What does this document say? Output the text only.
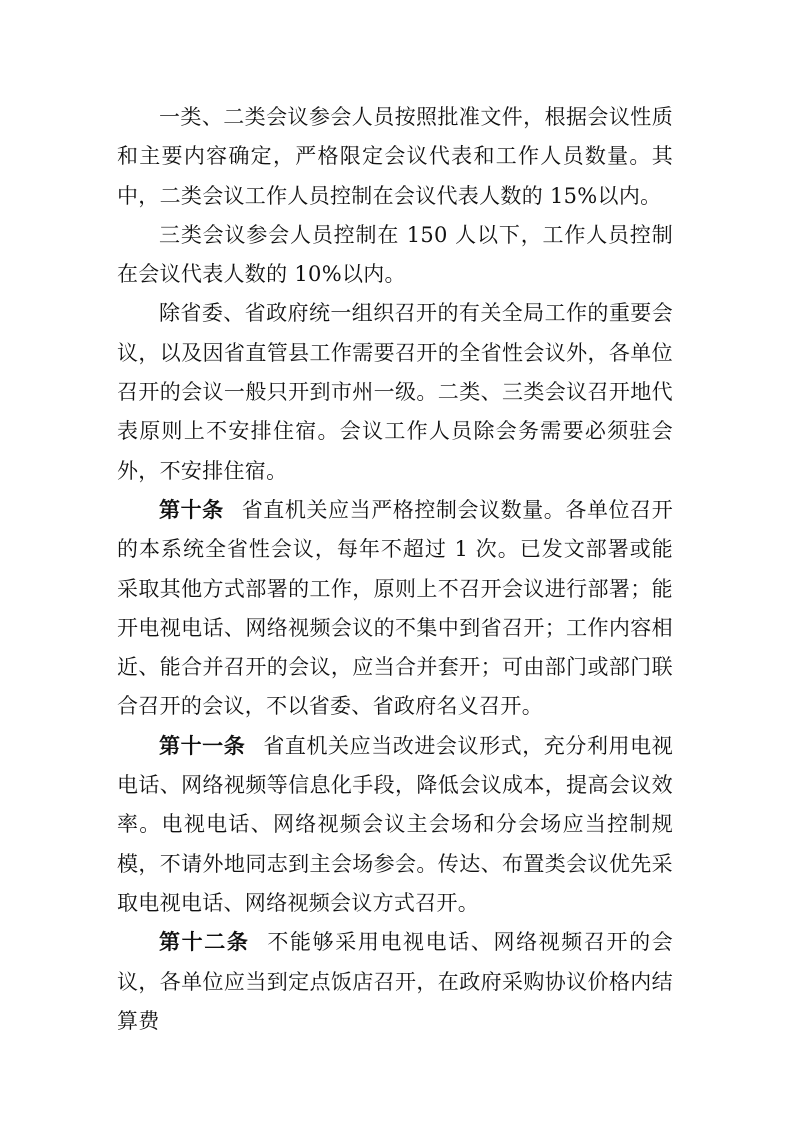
一类、二类会议参会人员按照批准文件，根据会议性质和主要内容确定，严格限定会议代表和工作人员数量。其中，二类会议工作人员控制在会议代表人数的 15%以内。

三类会议参会人员控制在 150 人以下，工作人员控制在会议代表人数的 10%以内。

除省委、省政府统一组织召开的有关全局工作的重要会议，以及因省直管县工作需要召开的全省性会议外，各单位召开的会议一般只开到市州一级。二类、三类会议召开地代表原则上不安排住宿。会议工作人员除会务需要必须驻会外，不安排住宿。

第十条 省直机关应当严格控制会议数量。各单位召开的本系统全省性会议，每年不超过 1 次。已发文部署或能采取其他方式部署的工作，原则上不召开会议进行部署；能开电视电话、网络视频会议的不集中到省召开；工作内容相近、能合并召开的会议，应当合并套开；可由部门或部门联合召开的会议，不以省委、省政府名义召开。

第十一条 省直机关应当改进会议形式，充分利用电视电话、网络视频等信息化手段，降低会议成本，提高会议效率。电视电话、网络视频会议主会场和分会场应当控制规模，不请外地同志到主会场参会。传达、布置类会议优先采取电视电话、网络视频会议方式召开。

第十二条 不能够采用电视电话、网络视频召开的会议，各单位应当到定点饭店召开，在政府采购协议价格内结算费
